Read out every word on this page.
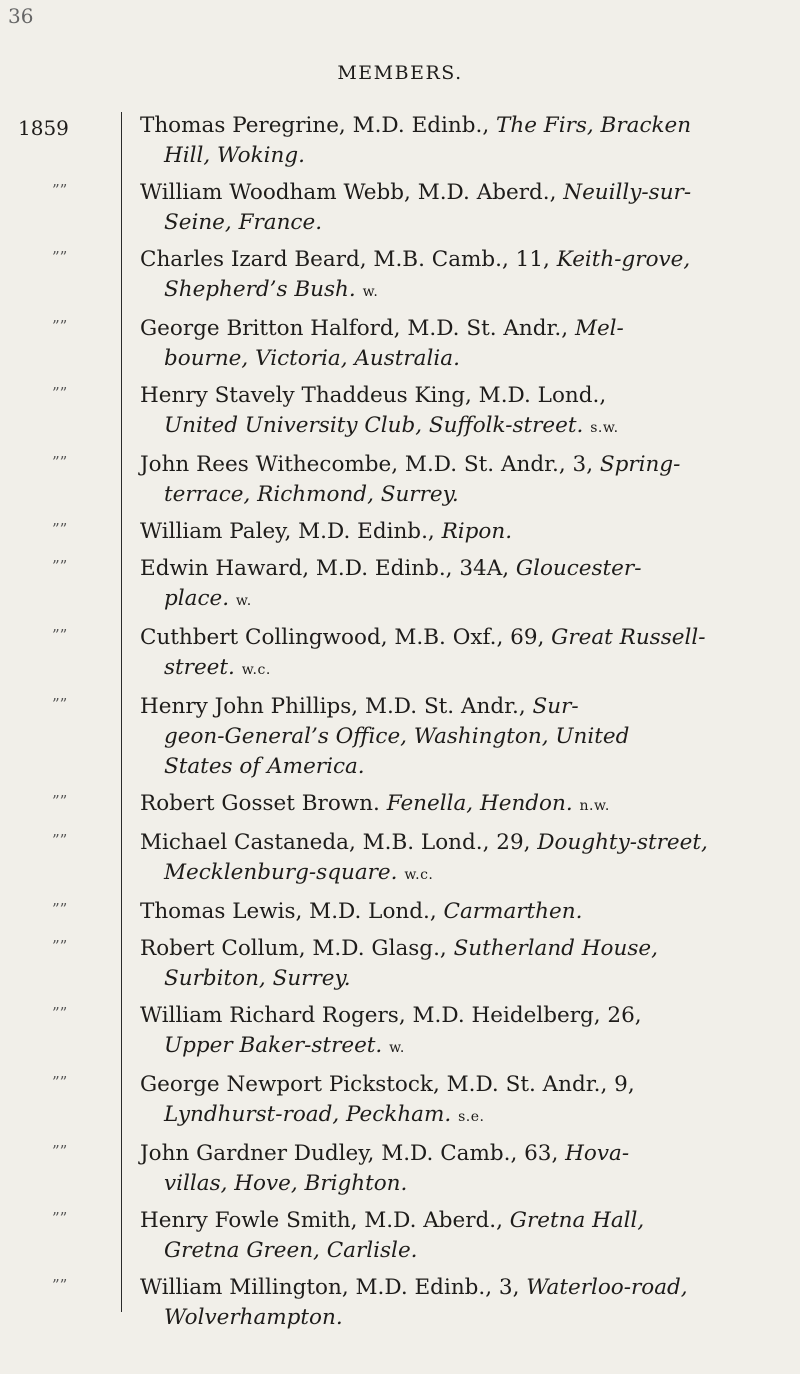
36
MEMBERS.
1859	Thomas Peregrine, M.D. Edinb., The Firs, Bracken
Hill, Woking.
””	William Woodham Webb, M.D. Aberd., Neuilly-sur-
Seine, France.
””	Charles Izard Beard, M.B. Camb., 11, Keith-grove,
Shepherd’s Bush. w.
””	George Britton Halford, M.D. St. Andr., Mel-
bourne, Victoria, Australia.
””	Henry Stavely Thaddeus King, M.D. Lond.,
United University Club, Suffolk-street. s.w.
””	John Rees Withecombe, M.D. St. Andr., 3, Spring-
terrace, Richmond, Surrey.
””	William Paley, M.D. Edinb., Ripon.
””	Edwin Haward, M.D. Edinb., 34A, Gloucester-
place. w.
””	Cuthbert Collingwood, M.B. Oxf., 69, Great Russell-
street. w.c.
””	Henry John Phillips, M.D. St. Andr., Sur-
geon-General’s Office, Washington, United
States of America.
””	Robert Gosset Brown. Fenella, Hendon. n.w.
””	Michael Castaneda, M.B. Lond., 29, Doughty-street,
Mecklenburg-square. w.c.
””	Thomas Lewis, M.D. Lond., Carmarthen.
””	Robert Collum, M.D. Glasg., Sutherland House,
Surbiton, Surrey.
””	William Richard Rogers, M.D. Heidelberg, 26,
Upper Baker-street. w.
””	George Newport Pickstock, M.D. St. Andr., 9,
Lyndhurst-road, Peckham. s.e.
””	John Gardner Dudley, M.D. Camb., 63, Hova-
villas, Hove, Brighton.
””	Henry Fowle Smith, M.D. Aberd., Gretna Hall,
Gretna Green, Carlisle.
””	William Millington, M.D. Edinb., 3, Waterloo-road,
Wolverhampton.
